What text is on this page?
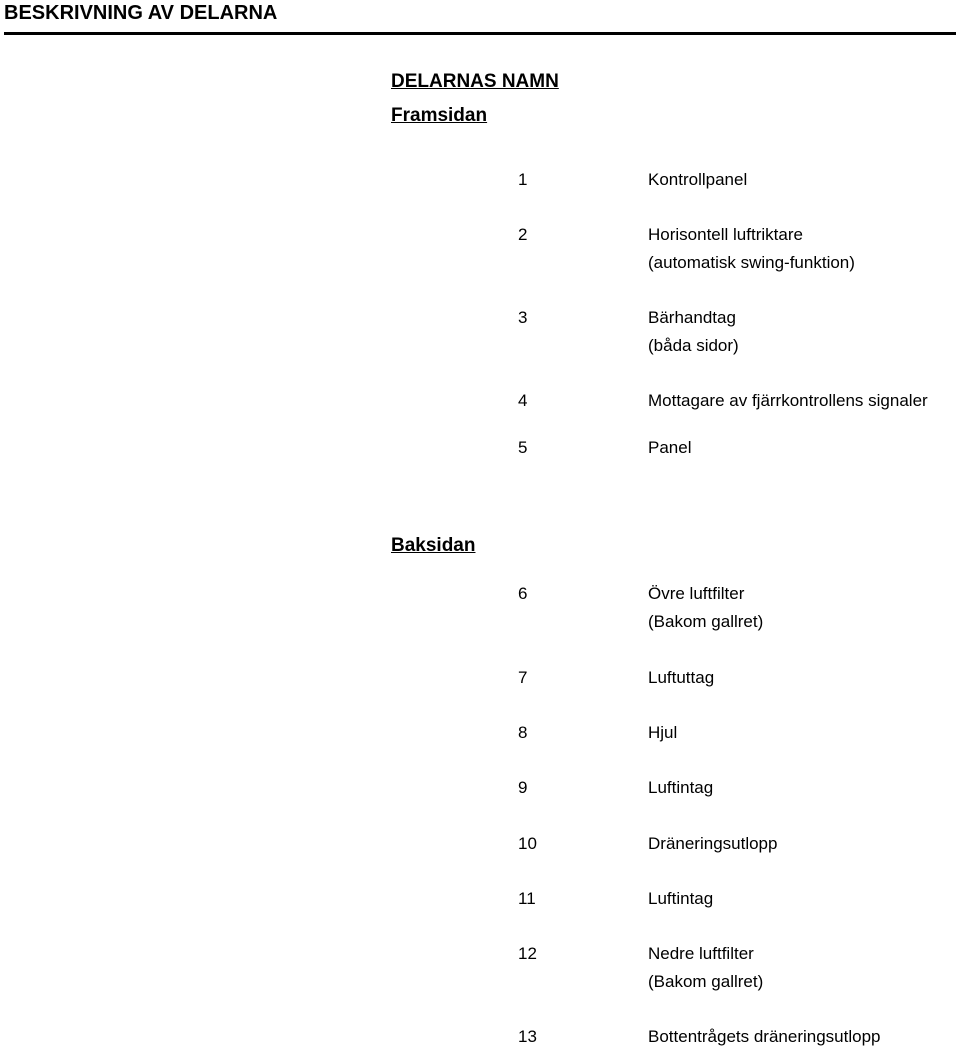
BESKRIVNING AV DELARNA
DELARNAS NAMN
Framsidan
1	Kontrollpanel
2	Horisontell luftriktare
(automatisk swing-funktion)
3	Bärhandtag
(båda sidor)
4	Mottagare av fjärrkontrollens signaler
5	Panel
Baksidan
6	Övre luftfilter
(Bakom gallret)
7	Luftuttag
8	Hjul
9	Luftintag
10	Dräneringsutlopp
11	Luftintag
12	Nedre luftfilter
(Bakom gallret)
13	Bottentrågets dräneringsutlopp
